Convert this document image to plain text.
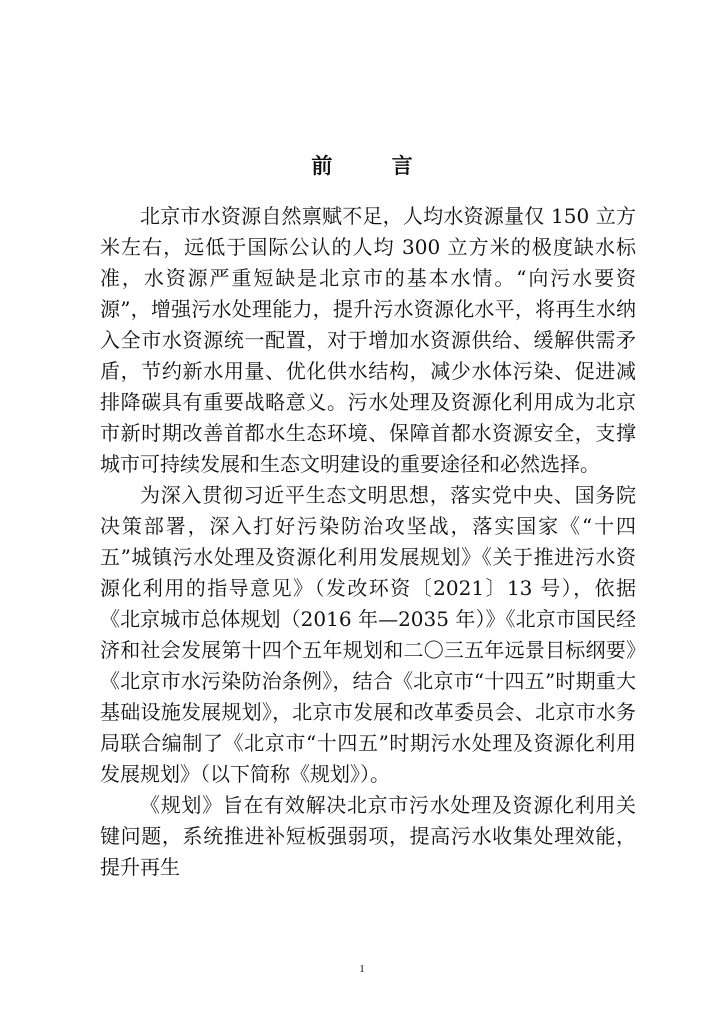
前 言

北京市水资源自然禀赋不足，人均水资源量仅 150 立方米左右，远低于国际公认的人均 300 立方米的极度缺水标准，水资源严重短缺是北京市的基本水情。“向污水要资源”，增强污水处理能力，提升污水资源化水平，将再生水纳入全市水资源统一配置，对于增加水资源供给、缓解供需矛盾，节约新水用量、优化供水结构，减少水体污染、促进减排降碳具有重要战略意义。污水处理及资源化利用成为北京市新时期改善首都水生态环境、保障首都水资源安全，支撑城市可持续发展和生态文明建设的重要途径和必然选择。

为深入贯彻习近平生态文明思想，落实党中央、国务院决策部署，深入打好污染防治攻坚战，落实国家《“十四五”城镇污水处理及资源化利用发展规划》《关于推进污水资源化利用的指导意见》（发改环资〔2021〕13 号），依据《北京城市总体规划（2016 年—2035 年）》《北京市国民经济和社会发展第十四个五年规划和二〇三五年远景目标纲要》《北京市水污染防治条例》，结合《北京市“十四五”时期重大基础设施发展规划》，北京市发展和改革委员会、北京市水务局联合编制了《北京市“十四五”时期污水处理及资源化利用发展规划》（以下简称《规划》）。

《规划》旨在有效解决北京市污水处理及资源化利用关键问题，系统推进补短板强弱项，提高污水收集处理效能，提升再生

1
